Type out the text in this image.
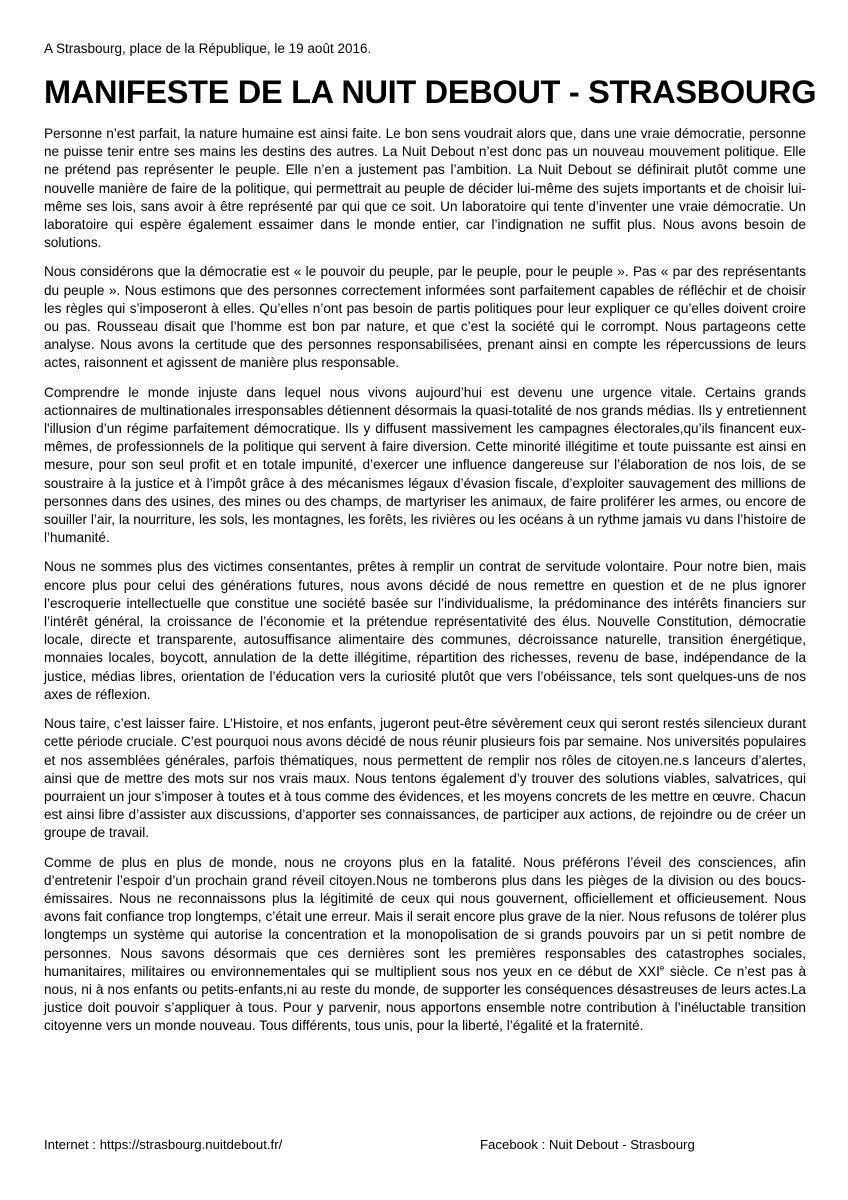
A Strasbourg, place de la République, le 19 août 2016.
MANIFESTE DE LA NUIT DEBOUT - STRASBOURG

Personne n’est parfait, la nature humaine est ainsi faite. Le bon sens voudrait alors que, dans une vraie démocratie, personne ne puisse tenir entre ses mains les destins des autres. La Nuit Debout n’est donc pas un nouveau mouvement politique. Elle ne prétend pas représenter le peuple. Elle n’en a justement pas l’ambition. La Nuit Debout se définirait plutôt comme une nouvelle manière de faire de la politique, qui permettrait au peuple de décider lui-même des sujets importants et de choisir lui-même ses lois, sans avoir à être représenté par qui que ce soit. Un laboratoire qui tente d’inventer une vraie démocratie. Un laboratoire qui espère également essaimer dans le monde entier, car l’indignation ne suffit plus. Nous avons besoin de solutions.

Nous considérons que la démocratie est « le pouvoir du peuple, par le peuple, pour le peuple ». Pas « par des représentants du peuple ». Nous estimons que des personnes correctement informées sont parfaitement capables de réfléchir et de choisir les règles qui s’imposeront à elles. Qu’elles n’ont pas besoin de partis politiques pour leur expliquer ce qu’elles doivent croire ou pas. Rousseau disait que l’homme est bon par nature, et que c’est la société qui le corrompt. Nous partageons cette analyse. Nous avons la certitude que des personnes responsabilisées, prenant ainsi en compte les répercussions de leurs actes, raisonnent et agissent de manière plus responsable.

Comprendre le monde injuste dans lequel nous vivons aujourd’hui est devenu une urgence vitale. Certains grands actionnaires de multinationales irresponsables détiennent désormais la quasi-totalité de nos grands médias. Ils y entretiennent l'illusion d’un régime parfaitement démocratique. Ils y diffusent massivement les campagnes électorales,qu’ils financent eux-mêmes, de professionnels de la politique qui servent à faire diversion. Cette minorité illégitime et toute puissante est ainsi en mesure, pour son seul profit et en totale impunité, d’exercer une influence dangereuse sur l’élaboration de nos lois, de se soustraire à la justice et à l’impôt grâce à des mécanismes légaux d’évasion fiscale, d’exploiter sauvagement des millions de personnes dans des usines, des mines ou des champs, de martyriser les animaux, de faire proliférer les armes, ou encore de souiller l’air, la nourriture, les sols, les montagnes, les forêts, les rivières ou les océans à un rythme jamais vu dans l’histoire de l’humanité.

Nous ne sommes plus des victimes consentantes, prêtes à remplir un contrat de servitude volontaire. Pour notre bien, mais encore plus pour celui des générations futures, nous avons décidé de nous remettre en question et de ne plus ignorer l’escroquerie intellectuelle que constitue une société basée sur l’individualisme, la prédominance des intérêts financiers sur l’intérêt général, la croissance de l’économie et la prétendue représentativité des élus. Nouvelle Constitution, démocratie locale, directe et transparente, autosuffisance alimentaire des communes, décroissance naturelle, transition énergétique, monnaies locales, boycott, annulation de la dette illégitime, répartition des richesses, revenu de base, indépendance de la justice, médias libres, orientation de l’éducation vers la curiosité plutôt que vers l’obéissance, tels sont quelques-uns de nos axes de réflexion.

Nous taire, c’est laisser faire. L’Histoire, et nos enfants, jugeront peut-être sévèrement ceux qui seront restés silencieux durant cette période cruciale. C’est pourquoi nous avons décidé de nous réunir plusieurs fois par semaine. Nos universités populaires et nos assemblées générales, parfois thématiques, nous permettent de remplir nos rôles de citoyen.ne.s lanceurs d’alertes, ainsi que de mettre des mots sur nos vrais maux. Nous tentons également d’y trouver des solutions viables, salvatrices, qui pourraient un jour s’imposer à toutes et à tous comme des évidences, et les moyens concrets de les mettre en œuvre. Chacun est ainsi libre d’assister aux discussions, d’apporter ses connaissances, de participer aux actions, de rejoindre ou de créer un groupe de travail.

Comme de plus en plus de monde, nous ne croyons plus en la fatalité. Nous préférons l’éveil des consciences, afin d’entretenir l’espoir d’un prochain grand réveil citoyen.Nous ne tomberons plus dans les pièges de la division ou des boucs-émissaires. Nous ne reconnaissons plus la légitimité de ceux qui nous gouvernent, officiellement et officieusement. Nous avons fait confiance trop longtemps, c’était une erreur. Mais il serait encore plus grave de la nier. Nous refusons de tolérer plus longtemps un système qui autorise la concentration et la monopolisation de si grands pouvoirs par un si petit nombre de personnes. Nous savons désormais que ces dernières sont les premières responsables des catastrophes sociales, humanitaires, militaires ou environnementales qui se multiplient sous nos yeux en ce début de XXIe siècle. Ce n’est pas à nous, ni à nos enfants ou petits-enfants,ni au reste du monde, de supporter les conséquences désastreuses de leurs actes.La justice doit pouvoir s’appliquer à tous. Pour y parvenir, nous apportons ensemble notre contribution à l’inéluctable transition citoyenne vers un monde nouveau. Tous différents, tous unis, pour la liberté, l’égalité et la fraternité.

Internet : https://strasbourg.nuitdebout.fr/	Facebook : Nuit Debout - Strasbourg
